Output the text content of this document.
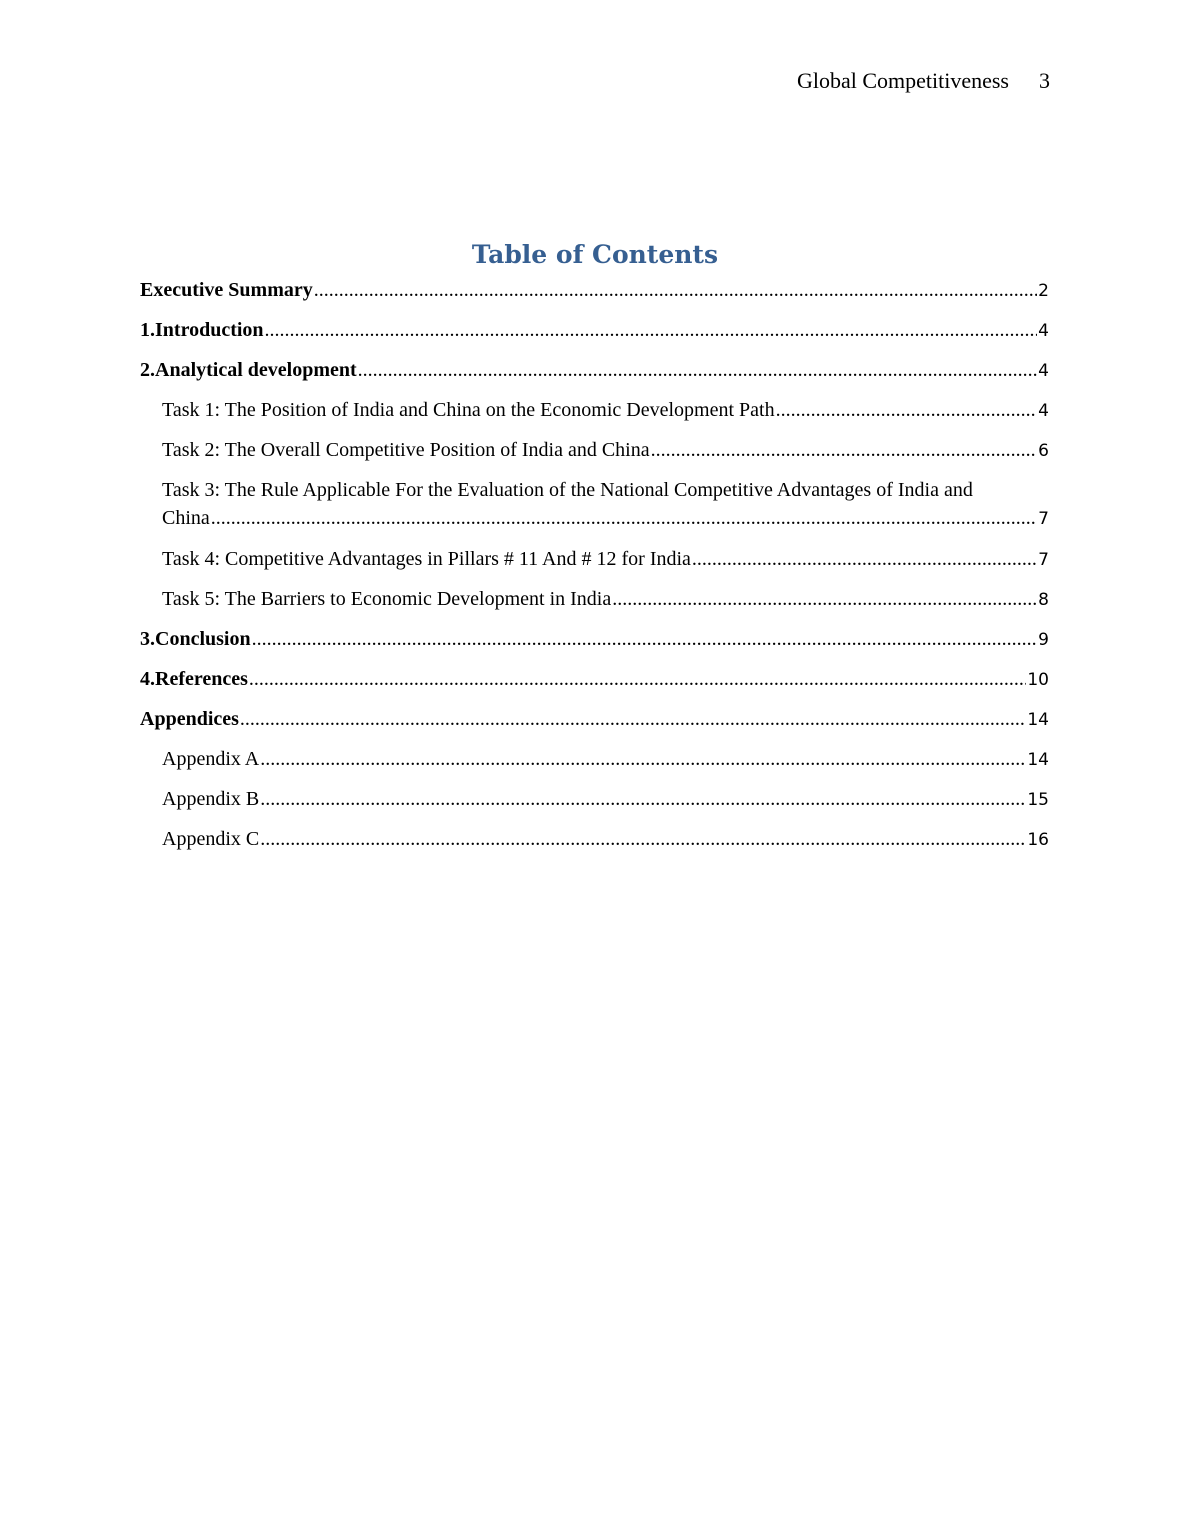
Global Competitiveness 3
Table of Contents
Executive Summary .....	2
1.Introduction .....	4
2.Analytical development .....	4
Task 1: The Position of India and China on the Economic Development Path .....	4
Task 2: The Overall Competitive Position of India and China .....	6
Task 3: The Rule Applicable For the Evaluation of the National Competitive Advantages of India and
China .....	7
Task 4: Competitive Advantages in Pillars # 11 And # 12 for India .....	7
Task 5: The Barriers to Economic Development in India .....	8
3.Conclusion .....	9
4.References .....	10
Appendices .....	14
Appendix A .....	14
Appendix B .....	15
Appendix C .....	16
